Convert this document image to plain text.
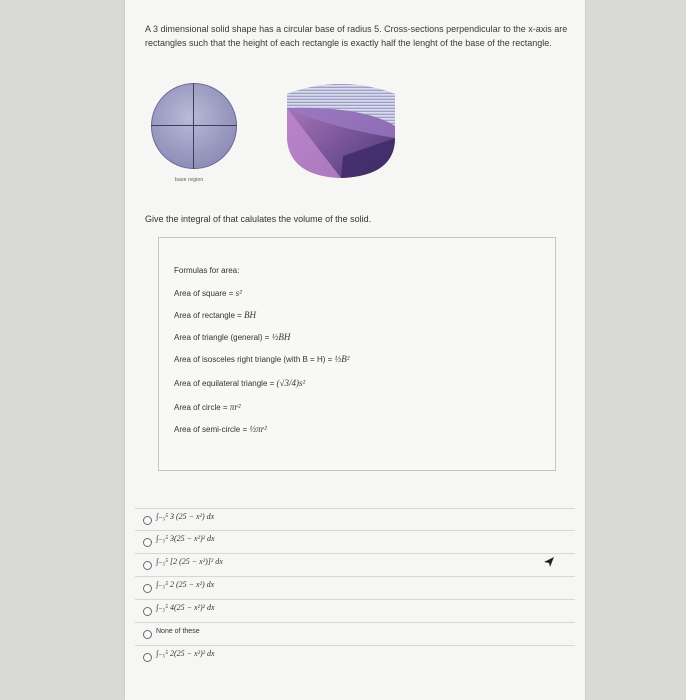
A 3 dimensional solid shape has a circular base of radius 5. Cross-sections perpendicular to the x-axis are rectangles such that the height of each rectangle is exactly half the lenght of the base of the rectangle.
base region
Give the integral of that calulates the volume of the solid.
Formulas for area:
Area of square = s²
Area of rectangle = BH
Area of triangle (general) = ½BH
Area of isosceles right triangle (with B = H) = ½B²
Area of equilateral triangle = (√3/4)s²
Area of circle = πr²
Area of semi-circle = ½πr²
∫₋₅⁵ 3 (25 − x²) dx
∫₋₅⁵ 3(25 − x²)² dx
∫₋₅⁵ [2 (25 − x²)]² dx
∫₋₅⁵ 2 (25 − x²) dx
∫₋₅⁵ 4(25 − x²)² dx
None of these
∫₋₅⁵ 2(25 − x²)² dx
